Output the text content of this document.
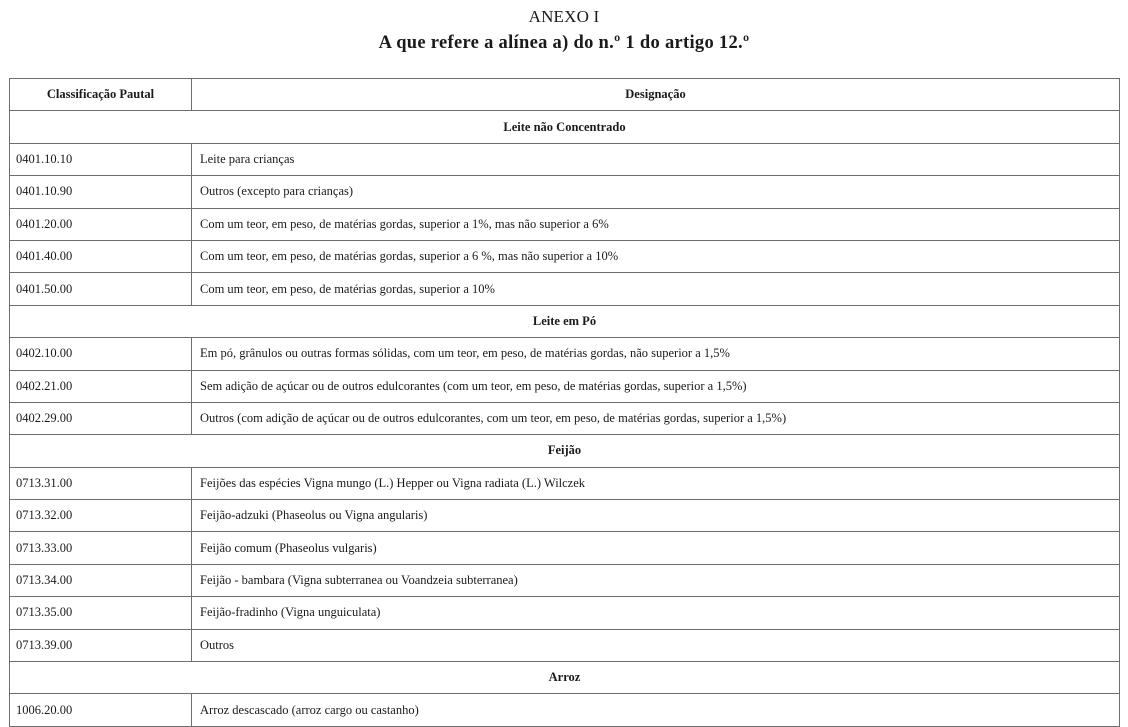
ANEXO I
A que refere a alínea a) do n.º 1 do artigo 12.º
Classificação Pautal	Designação
Leite não Concentrado	
0401.10.10	Leite para crianças
0401.10.90	Outros (excepto para crianças)
0401.20.00	Com um teor, em peso, de matérias gordas, superior a 1%, mas não superior a 6%
0401.40.00	Com um teor, em peso, de matérias gordas, superior a 6 %, mas não superior a 10%
0401.50.00	Com um teor, em peso, de matérias gordas, superior a 10%
Leite em Pó	
0402.10.00	Em pó, grânulos ou outras formas sólidas, com um teor, em peso, de matérias gordas, não superior a 1,5%
0402.21.00	Sem adição de açúcar ou de outros edulcorantes (com um teor, em peso, de matérias gordas, superior a 1,5%)
0402.29.00	Outros (com adição de açúcar ou de outros edulcorantes, com um teor, em peso, de matérias gordas, superior a 1,5%)
Feijão	
0713.31.00	Feijões das espécies Vigna mungo (L.) Hepper ou Vigna radiata (L.) Wilczek
0713.32.00	Feijão-adzuki (Phaseolus ou Vigna angularis)
0713.33.00	Feijão comum (Phaseolus vulgaris)
0713.34.00	Feijão - bambara (Vigna subterranea ou Voandzeia subterranea)
0713.35.00	Feijão-fradinho (Vigna unguiculata)
0713.39.00	Outros
Arroz	
1006.20.00	Arroz descascado (arroz cargo ou castanho)
